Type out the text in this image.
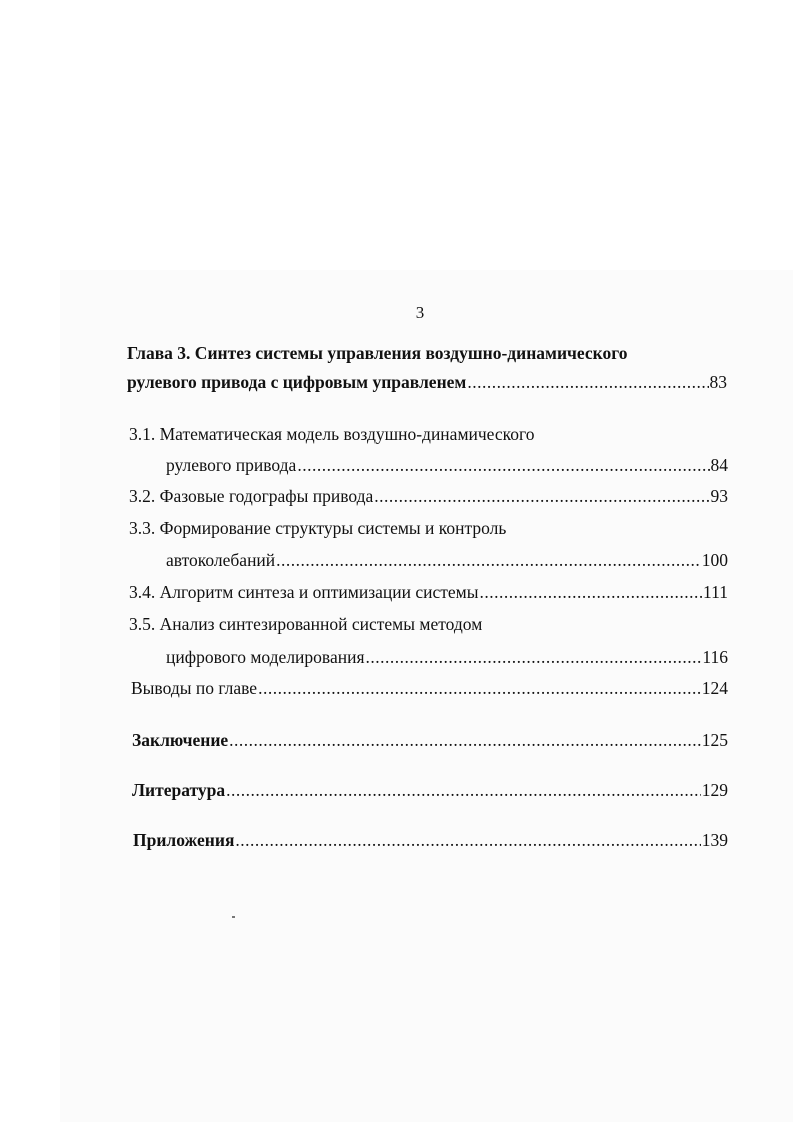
3
Глава 3. Синтез системы управления воздушно-динамического
рулевого привода с цифровым управленем .....	83
3.1. Математическая модель воздушно-динамического
рулевого привода .....	84
3.2. Фазовые годографы привода .....	93
3.3. Формирование структуры системы и контроль
автоколебаний .....	100
3.4. Алгоритм синтеза и оптимизации системы .....	111
3.5. Анализ синтезированной системы методом
цифрового моделирования .....	116
Выводы по главе .....	124
Заключение .....	125
Литература .....	129
Приложения .....	139
